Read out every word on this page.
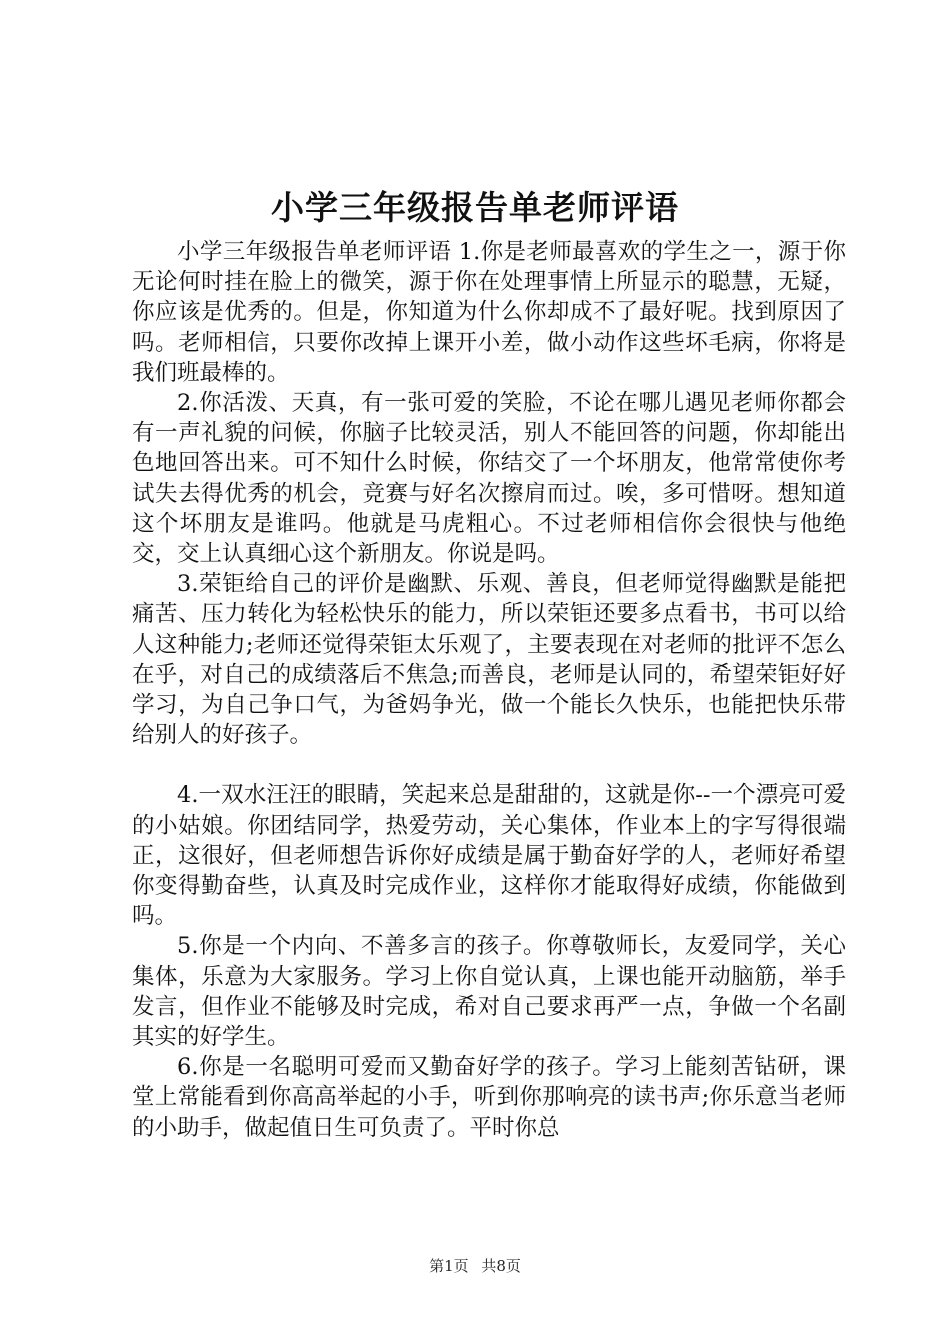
小学三年级报告单老师评语

小学三年级报告单老师评语 1.你是老师最喜欢的学生之一，源于你无论何时挂在脸上的微笑，源于你在处理事情上所显示的聪慧，无疑，你应该是优秀的。但是，你知道为什么你却成不了最好呢。找到原因了吗。老师相信，只要你改掉上课开小差，做小动作这些坏毛病，你将是我们班最棒的。

2.你活泼、天真，有一张可爱的笑脸，不论在哪儿遇见老师你都会有一声礼貌的问候，你脑子比较灵活，别人不能回答的问题，你却能出色地回答出来。可不知什么时候，你结交了一个坏朋友，他常常使你考试失去得优秀的机会，竞赛与好名次擦肩而过。唉，多可惜呀。想知道这个坏朋友是谁吗。他就是马虎粗心。不过老师相信你会很快与他绝交，交上认真细心这个新朋友。你说是吗。

3.荣钜给自己的评价是幽默、乐观、善良，但老师觉得幽默是能把痛苦、压力转化为轻松快乐的能力，所以荣钜还要多点看书，书可以给人这种能力;老师还觉得荣钜太乐观了，主要表现在对老师的批评不怎么在乎，对自己的成绩落后不焦急;而善良，老师是认同的，希望荣钜好好学习，为自己争口气，为爸妈争光，做一个能长久快乐，也能把快乐带给别人的好孩子。

4.一双水汪汪的眼睛，笑起来总是甜甜的，这就是你--一个漂亮可爱的小姑娘。你团结同学，热爱劳动，关心集体，作业本上的字写得很端正，这很好，但老师想告诉你好成绩是属于勤奋好学的人，老师好希望你变得勤奋些，认真及时完成作业，这样你才能取得好成绩，你能做到吗。

5.你是一个内向、不善多言的孩子。你尊敬师长，友爱同学，关心集体，乐意为大家服务。学习上你自觉认真，上课也能开动脑筋，举手发言，但作业不能够及时完成，希对自己要求再严一点，争做一个名副其实的好学生。

6.你是一名聪明可爱而又勤奋好学的孩子。学习上能刻苦钻研，课堂上常能看到你高高举起的小手，听到你那响亮的读书声;你乐意当老师的小助手，做起值日生可负责了。平时你总

第1页 共8页
